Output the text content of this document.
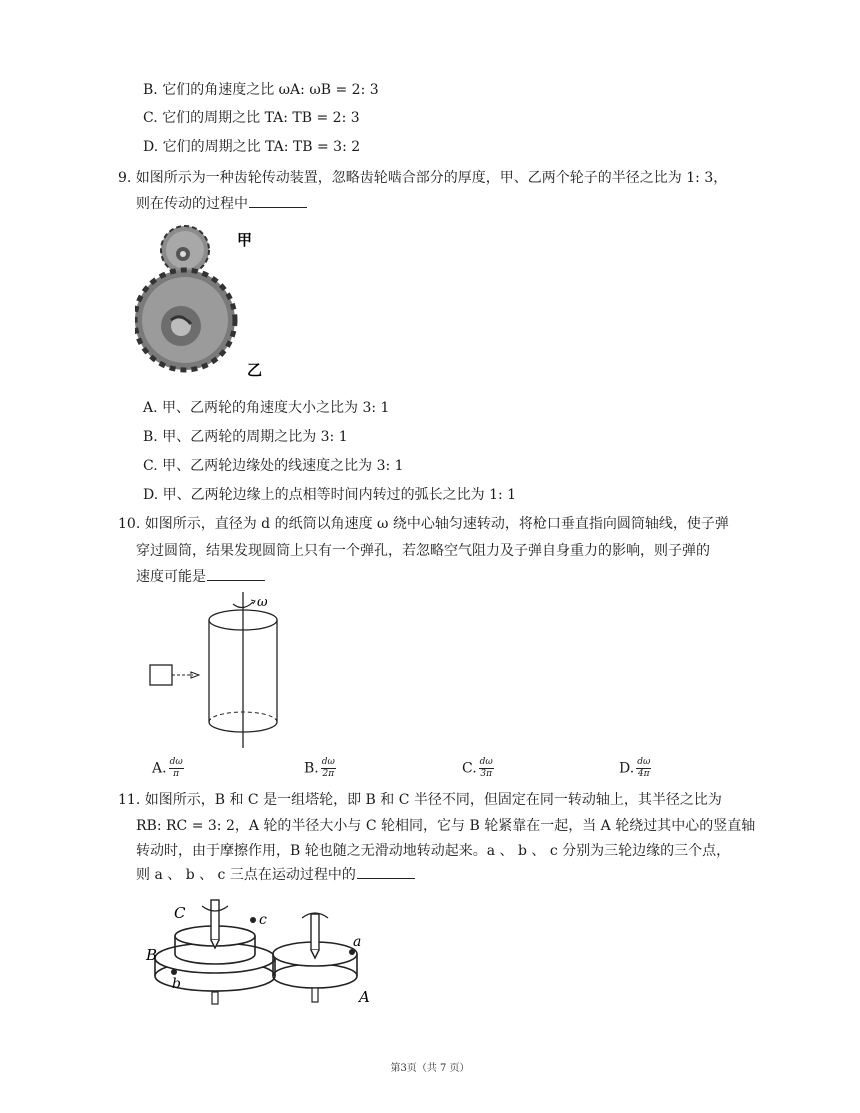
B. 它们的角速度之比 ωA: ωB = 2: 3
C. 它们的周期之比 TA: TB = 2: 3
D. 它们的周期之比 TA: TB = 3: 2
9. 如图所示为一种齿轮传动装置，忽略齿轮啮合部分的厚度，甲、乙两个轮子的半径之比为 1: 3，
则在传动的过程中
甲
乙
A. 甲、乙两轮的角速度大小之比为 3: 1
B. 甲、乙两轮的周期之比为 3: 1
C. 甲、乙两轮边缘处的线速度之比为 3: 1
D. 甲、乙两轮边缘上的点相等时间内转过的弧长之比为 1: 1
10. 如图所示，直径为 d 的纸筒以角速度 ω 绕中心轴匀速转动，将枪口垂直指向圆筒轴线，使子弹
穿过圆筒，结果发现圆筒上只有一个弹孔，若忽略空气阻力及子弹自身重力的影响，则子弹的
速度可能是
ω
A. $\frac{d\omega}{\pi}$	B. $\frac{d\omega}{2\pi}$	C. $\frac{d\omega}{3\pi}$	D. $\frac{d\omega}{4\pi}$
11. 如图所示，B 和 C 是一组塔轮，即 B 和 C 半径不同，但固定在同一转动轴上，其半径之比为
RB: RC = 3: 2，A 轮的半径大小与 C 轮相同，它与 B 轮紧靠在一起，当 A 轮绕过其中心的竖直轴
转动时，由于摩擦作用，B 轮也随之无滑动地转动起来。a 、 b 、 c 分别为三轮边缘的三个点，
则 a 、 b 、 c 三点在运动过程中的
C	c
B
b
a
A
第3页（共 7 页）
